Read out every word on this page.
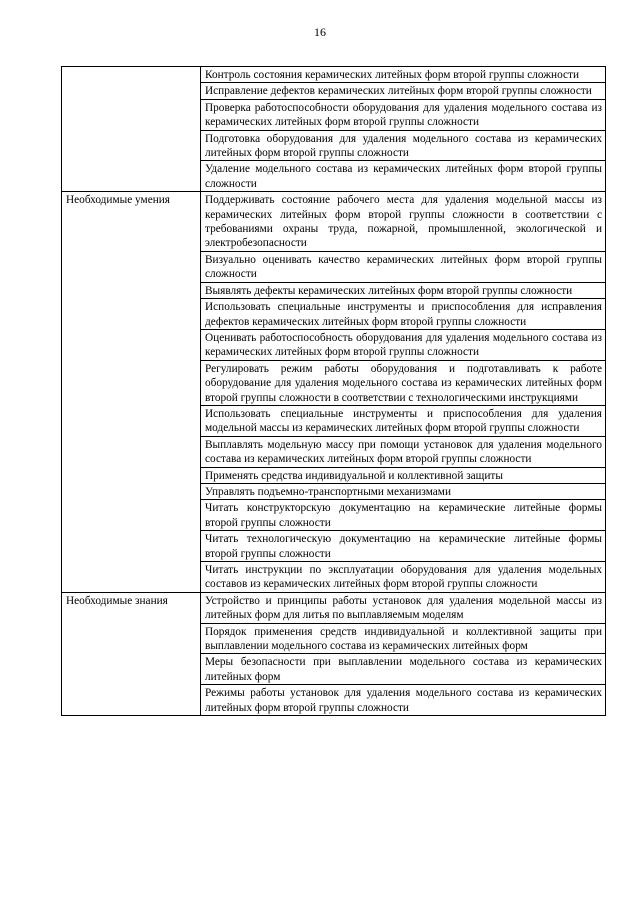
16
	Контроль состояния керамических литейных форм второй группы сложности
	Исправление дефектов керамических литейных форм второй группы сложности
	Проверка работоспособности оборудования для удаления модельного состава из керамических литейных форм второй группы сложности
	Подготовка оборудования для удаления модельного состава из керамических литейных форм второй группы сложности
	Удаление модельного состава из керамических литейных форм второй группы сложности
Необходимые умения	Поддерживать состояние рабочего места для удаления модельной массы из керамических литейных форм второй группы сложности в соответствии с требованиями охраны труда, пожарной, промышленной, экологической и электробезопасности
	Визуально оценивать качество керамических литейных форм второй группы сложности
	Выявлять дефекты керамических литейных форм второй группы сложности
	Использовать специальные инструменты и приспособления для исправления дефектов керамических литейных форм второй группы сложности
	Оценивать работоспособность оборудования для удаления модельного состава из керамических литейных форм второй группы сложности
	Регулировать режим работы оборудования и подготавливать к работе оборудование для удаления модельного состава из керамических литейных форм второй группы сложности в соответствии с технологическими инструкциями
	Использовать специальные инструменты и приспособления для удаления модельной массы из керамических литейных форм второй группы сложности
	Выплавлять модельную массу при помощи установок для удаления модельного состава из керамических литейных форм второй группы сложности
	Применять средства индивидуальной и коллективной защиты
	Управлять подъемно-транспортными механизмами
	Читать конструкторскую документацию на керамические литейные формы второй группы сложности
	Читать технологическую документацию на керамические литейные формы второй группы сложности
	Читать инструкции по эксплуатации оборудования для удаления модельных составов из керамических литейных форм второй группы сложности
Необходимые знания	Устройство и принципы работы установок для удаления модельной массы из литейных форм для литья по выплавляемым моделям
	Порядок применения средств индивидуальной и коллективной защиты при выплавлении модельного состава из керамических литейных форм
	Меры безопасности при выплавлении модельного состава из керамических литейных форм
	Режимы работы установок для удаления модельного состава из керамических литейных форм второй группы сложности
